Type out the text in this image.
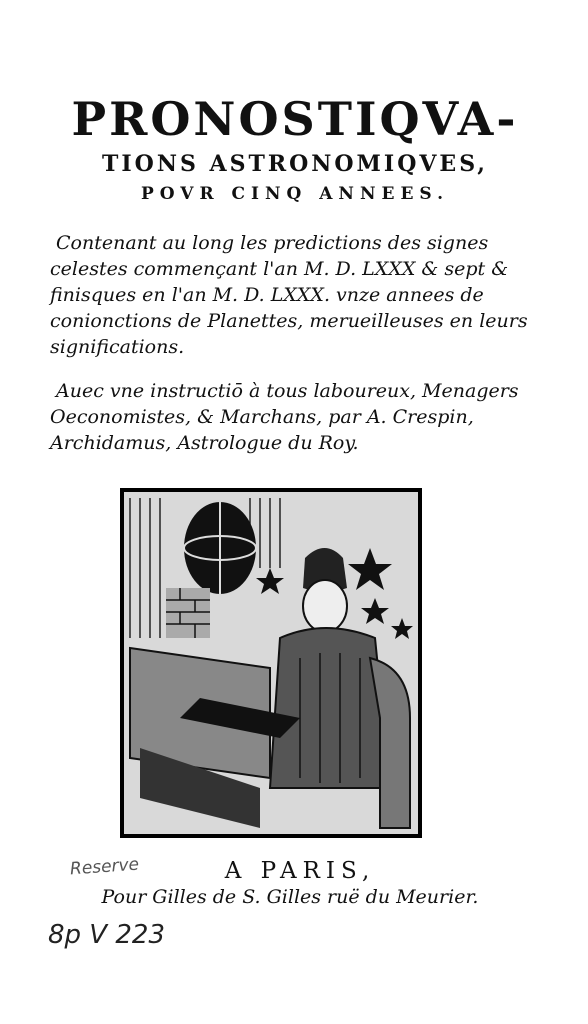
PRONOSTIQVA-
TIONS ASTRONOMIQVES,
POVR CINQ ANNEES.
Contenant au long les predictions des signes celestes commençant l'an M. D. LXXX & sept & finisques en l'an M. D. LXXX. vnze annees de conionctions de Planettes, merueilleuses en leurs significations.
Auec vne instructiō à tous laboureux, Menagers Oeconomistes, & Marchans, par A. Crespin, Archidamus, Astrologue du Roy.
A PARIS,
Pour Gilles de S. Gilles ruë du Meurier.
Reserve
8p V 223
